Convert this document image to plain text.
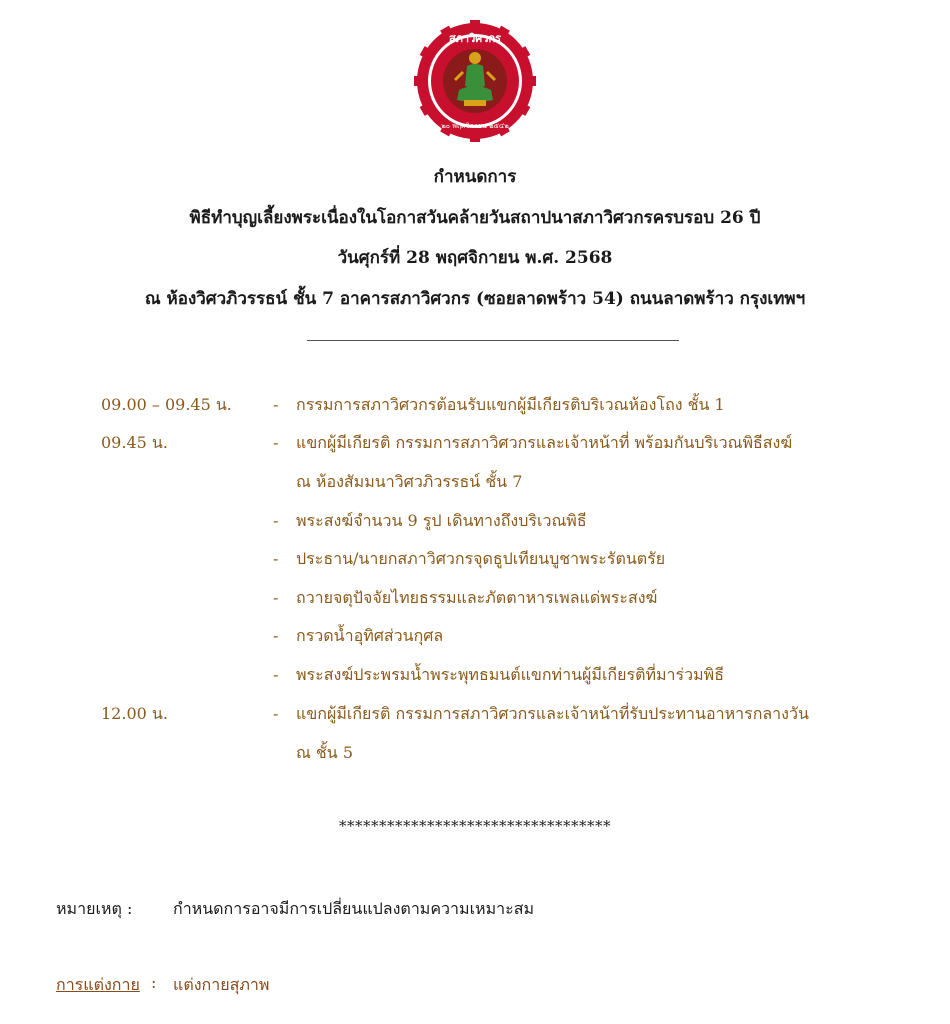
สภาวิศวกร
๒๐ พฤศจิกายน ๒๕๔๒
กำหนดการ
พิธีทำบุญเลี้ยงพระเนื่องในโอกาสวันคล้ายวันสถาปนาสภาวิศวกรครบรอบ 26 ปี
วันศุกร์ที่ 28 พฤศจิกายน พ.ศ. 2568
ณ ห้องวิศวภิวรรธน์ ชั้น 7 อาคารสภาวิศวกร (ซอยลาดพร้าว 54) ถนนลาดพร้าว กรุงเทพฯ
09.00 – 09.45 น.	- กรรมการสภาวิศวกรต้อนรับแขกผู้มีเกียรติบริเวณห้องโถง ชั้น 1
09.45 น.	- แขกผู้มีเกียรติ กรรมการสภาวิศวกรและเจ้าหน้าที่ พร้อมกันบริเวณพิธีสงฆ์
ณ ห้องสัมมนาวิศวภิวรรธน์ ชั้น 7
- พระสงฆ์จำนวน 9 รูป เดินทางถึงบริเวณพิธี
- ประธาน/นายกสภาวิศวกรจุดธูปเทียนบูชาพระรัตนตรัย
- ถวายจตุปัจจัยไทยธรรมและภัตตาหารเพลแด่พระสงฆ์
- กรวดน้ำอุทิศส่วนกุศล
- พระสงฆ์ประพรมน้ำพระพุทธมนต์แขกท่านผู้มีเกียรติที่มาร่วมพิธี
12.00 น.	- แขกผู้มีเกียรติ กรรมการสภาวิศวกรและเจ้าหน้าที่รับประทานอาหารกลางวัน
ณ ชั้น 5
**********************************
หมายเหตุ :	กำหนดการอาจมีการเปลี่ยนแปลงตามความเหมาะสม
การแต่งกาย : แต่งกายสุภาพ
